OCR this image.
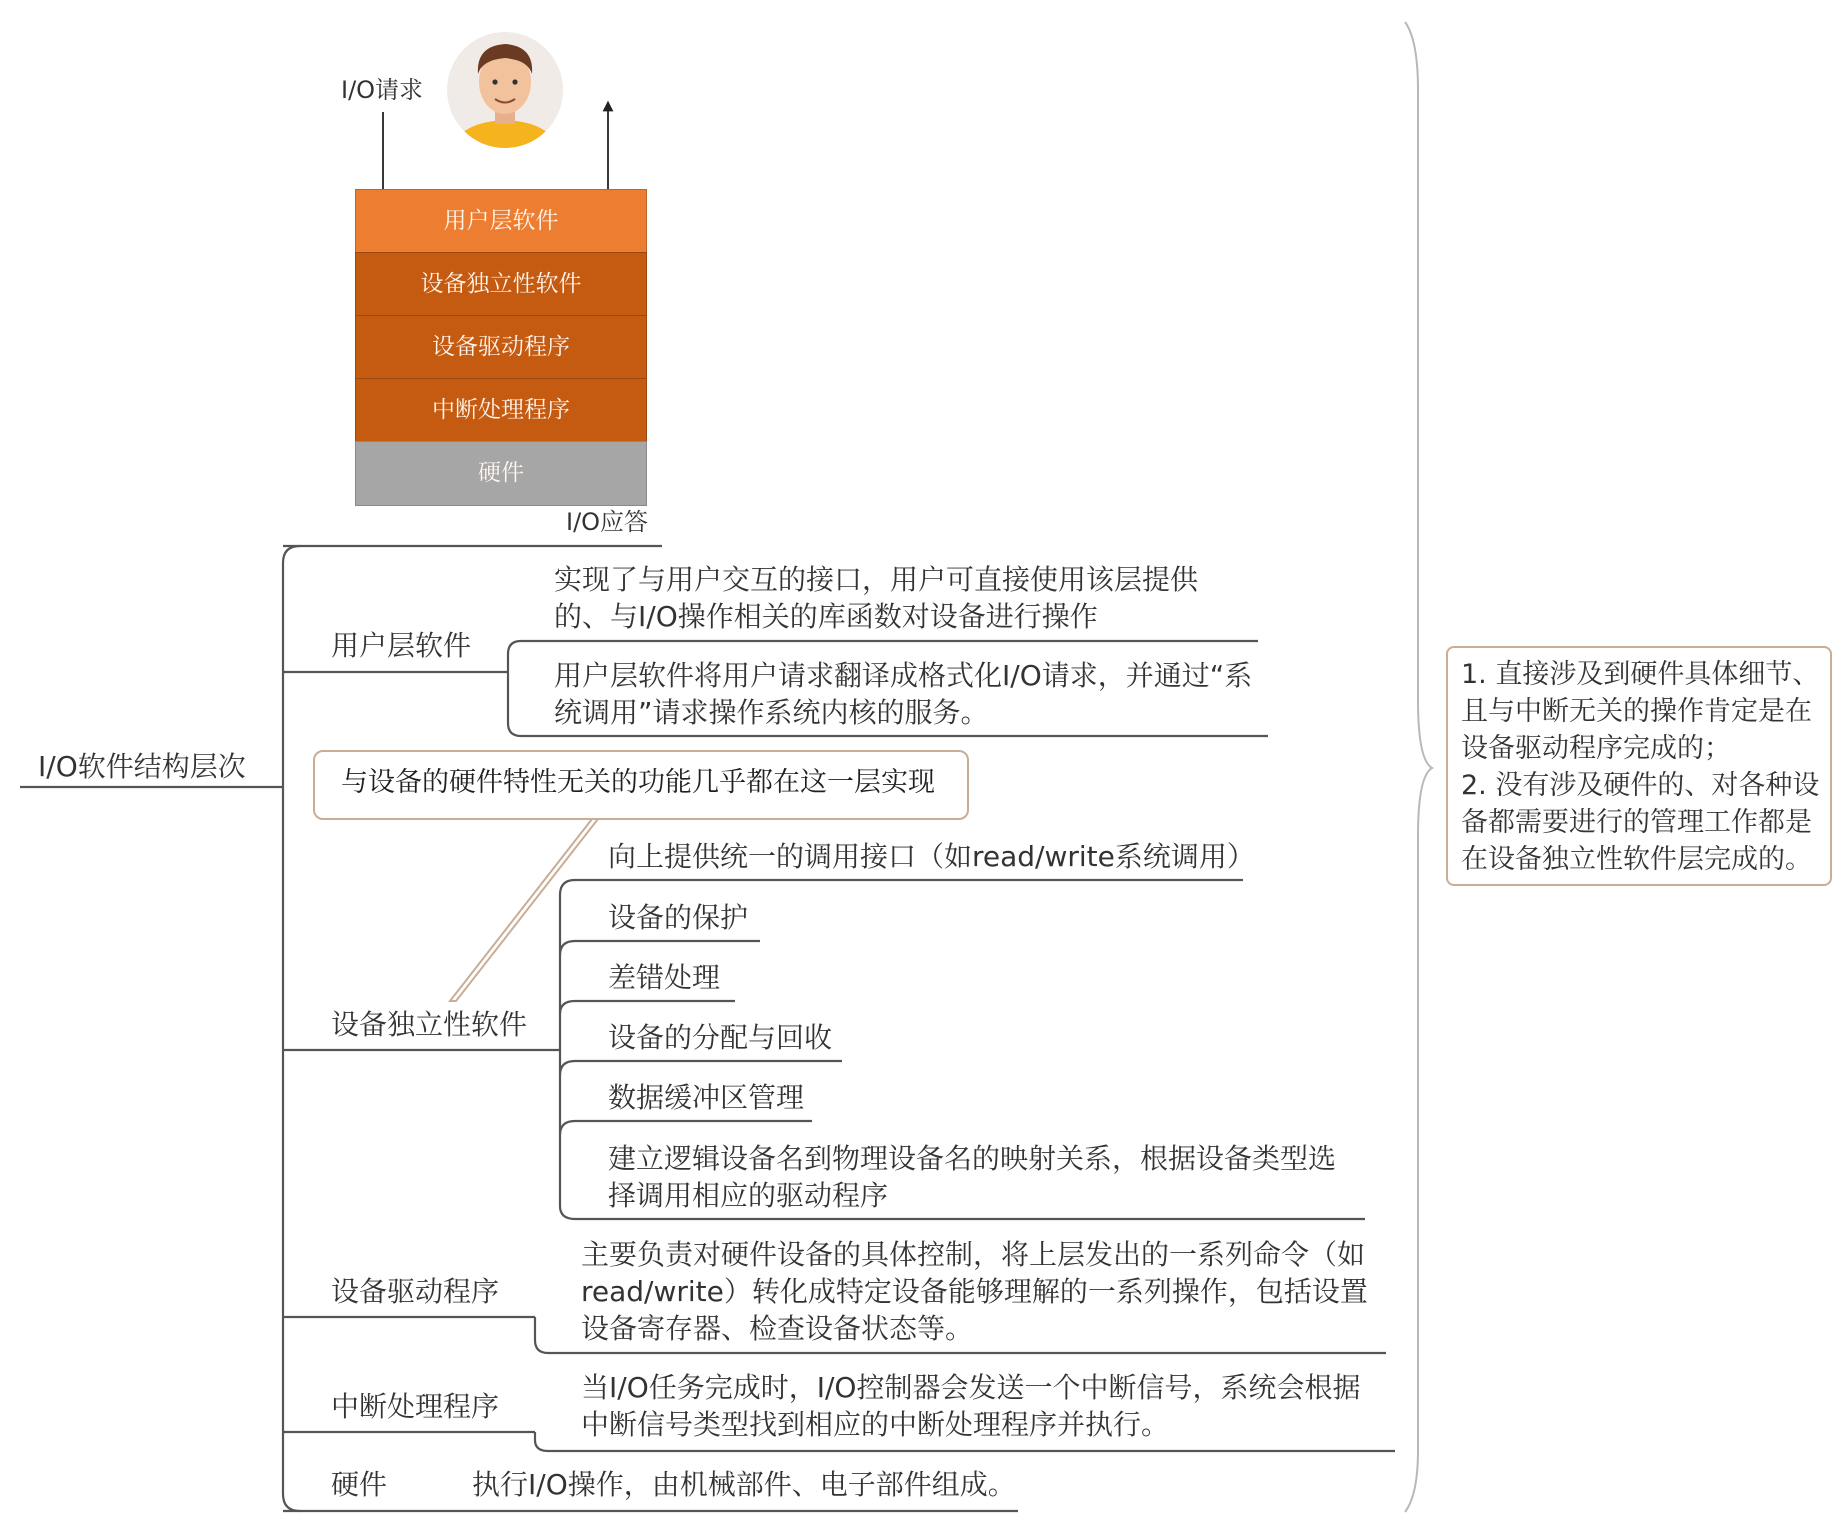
用户层软件
设备独立性软件
设备驱动程序
中断处理程序
硬件
I/O请求
I/O应答
I/O软件结构层次
用户层软件
实现了与用户交互的接口，用户可直接使用该层提供的、与I/O操作相关的库函数对设备进行操作
用户层软件将用户请求翻译成格式化I/O请求，并通过“系统调用”请求操作系统内核的服务。
与设备的硬件特性无关的功能几乎都在这一层实现
设备独立性软件
向上提供统一的调用接口（如read/write系统调用）
设备的保护
差错处理
设备的分配与回收
数据缓冲区管理
建立逻辑设备名到物理设备名的映射关系，根据设备类型选择调用相应的驱动程序
设备驱动程序
主要负责对硬件设备的具体控制，将上层发出的一系列命令（如read/write）转化成特定设备能够理解的一系列操作，包括设置设备寄存器、检查设备状态等。
中断处理程序
当I/O任务完成时，I/O控制器会发送一个中断信号，系统会根据中断信号类型找到相应的中断处理程序并执行。
硬件	执行I/O操作，由机械部件、电子部件组成。
1. 直接涉及到硬件具体细节、且与中断无关的操作肯定是在设备驱动程序完成的；
2. 没有涉及硬件的、对各种设备都需要进行的管理工作都是在设备独立性软件层完成的。
